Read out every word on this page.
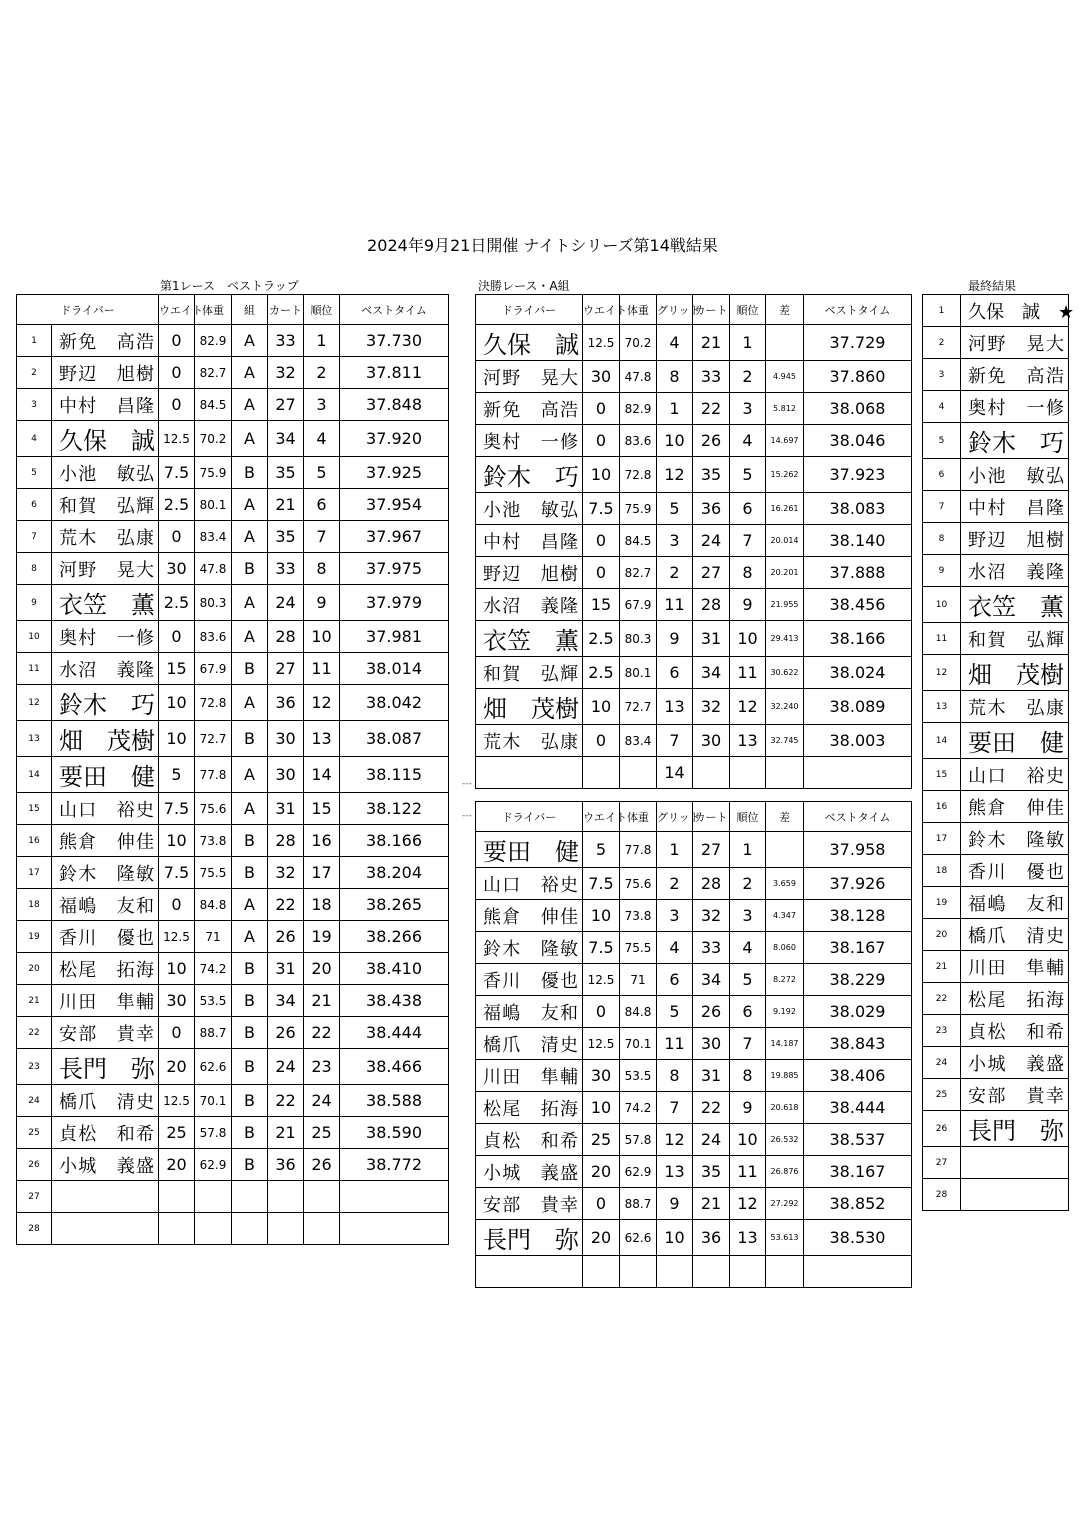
2024年9月21日開催 ナイトシリーズ第14戦結果
第1レース　ベストラップ	決勝レース・A組	最終結果
---
---
ドライバー		ウエイト	体重	組	カート	順位	ベストタイム
1	新免　高浩	0	82.9	A	33	1	37.730
2	野辺　旭樹	0	82.7	A	32	2	37.811
3	中村　昌隆	0	84.5	A	27	3	37.848
4	久保　誠	12.5	70.2	A	34	4	37.920
5	小池　敏弘	7.5	75.9	B	35	5	37.925
6	和賀　弘輝	2.5	80.1	A	21	6	37.954
7	荒木　弘康	0	83.4	A	35	7	37.967
8	河野　晃大	30	47.8	B	33	8	37.975
9	衣笠　薫	2.5	80.3	A	24	9	37.979
10	奥村　一修	0	83.6	A	28	10	37.981
11	水沼　義隆	15	67.9	B	27	11	38.014
12	鈴木　巧	10	72.8	A	36	12	38.042
13	畑　茂樹	10	72.7	B	30	13	38.087
14	要田　健	5	77.8	A	30	14	38.115
15	山口　裕史	7.5	75.6	A	31	15	38.122
16	熊倉　伸佳	10	73.8	B	28	16	38.166
17	鈴木　隆敏	7.5	75.5	B	32	17	38.204
18	福嶋　友和	0	84.8	A	22	18	38.265
19	香川　優也	12.5	71	A	26	19	38.266
20	松尾　拓海	10	74.2	B	31	20	38.410
21	川田　隼輔	30	53.5	B	34	21	38.438
22	安部　貴幸	0	88.7	B	26	22	38.444
23	長門　弥	20	62.6	B	24	23	38.466
24	橋爪　清史	12.5	70.1	B	22	24	38.588
25	貞松　和希	25	57.8	B	21	25	38.590
26	小城　義盛	20	62.9	B	36	26	38.772
27							
28							
ドライバー	ウエイト	体重	グリッド	カート	順位	差	ベストタイム
久保　誠	12.5	70.2	4	21	1		37.729
河野　晃大	30	47.8	8	33	2	4.945	37.860
新免　高浩	0	82.9	1	22	3	5.812	38.068
奥村　一修	0	83.6	10	26	4	14.697	38.046
鈴木　巧	10	72.8	12	35	5	15.262	37.923
小池　敏弘	7.5	75.9	5	36	6	16.261	38.083
中村　昌隆	0	84.5	3	24	7	20.014	38.140
野辺　旭樹	0	82.7	2	27	8	20.201	37.888
水沼　義隆	15	67.9	11	28	9	21.955	38.456
衣笠　薫	2.5	80.3	9	31	10	29.413	38.166
和賀　弘輝	2.5	80.1	6	34	11	30.622	38.024
畑　茂樹	10	72.7	13	32	12	32.240	38.089
荒木　弘康	0	83.4	7	30	13	32.745	38.003
			14				
ドライバー	ウエイト	体重	グリッド	カート	順位	差	ベストタイム
要田　健	5	77.8	1	27	1		37.958
山口　裕史	7.5	75.6	2	28	2	3.659	37.926
熊倉　伸佳	10	73.8	3	32	3	4.347	38.128
鈴木　隆敏	7.5	75.5	4	33	4	8.060	38.167
香川　優也	12.5	71	6	34	5	8.272	38.229
福嶋　友和	0	84.8	5	26	6	9.192	38.029
橋爪　清史	12.5	70.1	11	30	7	14.187	38.843
川田　隼輔	30	53.5	8	31	8	19.885	38.406
松尾　拓海	10	74.2	7	22	9	20.618	38.444
貞松　和希	25	57.8	12	24	10	26.532	38.537
小城　義盛	20	62.9	13	35	11	26.876	38.167
安部　貴幸	0	88.7	9	21	12	27.292	38.852
長門　弥	20	62.6	10	36	13	53.613	38.530

1	久保　誠　★
2	河野　晃大
3	新免　高浩
4	奥村　一修
5	鈴木　巧
6	小池　敏弘
7	中村　昌隆
8	野辺　旭樹
9	水沼　義隆
10	衣笠　薫
11	和賀　弘輝
12	畑　茂樹
13	荒木　弘康
14	要田　健
15	山口　裕史
16	熊倉　伸佳
17	鈴木　隆敏
18	香川　優也
19	福嶋　友和
20	橋爪　清史
21	川田　隼輔
22	松尾　拓海
23	貞松　和希
24	小城　義盛
25	安部　貴幸
26	長門　弥
27	
28	
